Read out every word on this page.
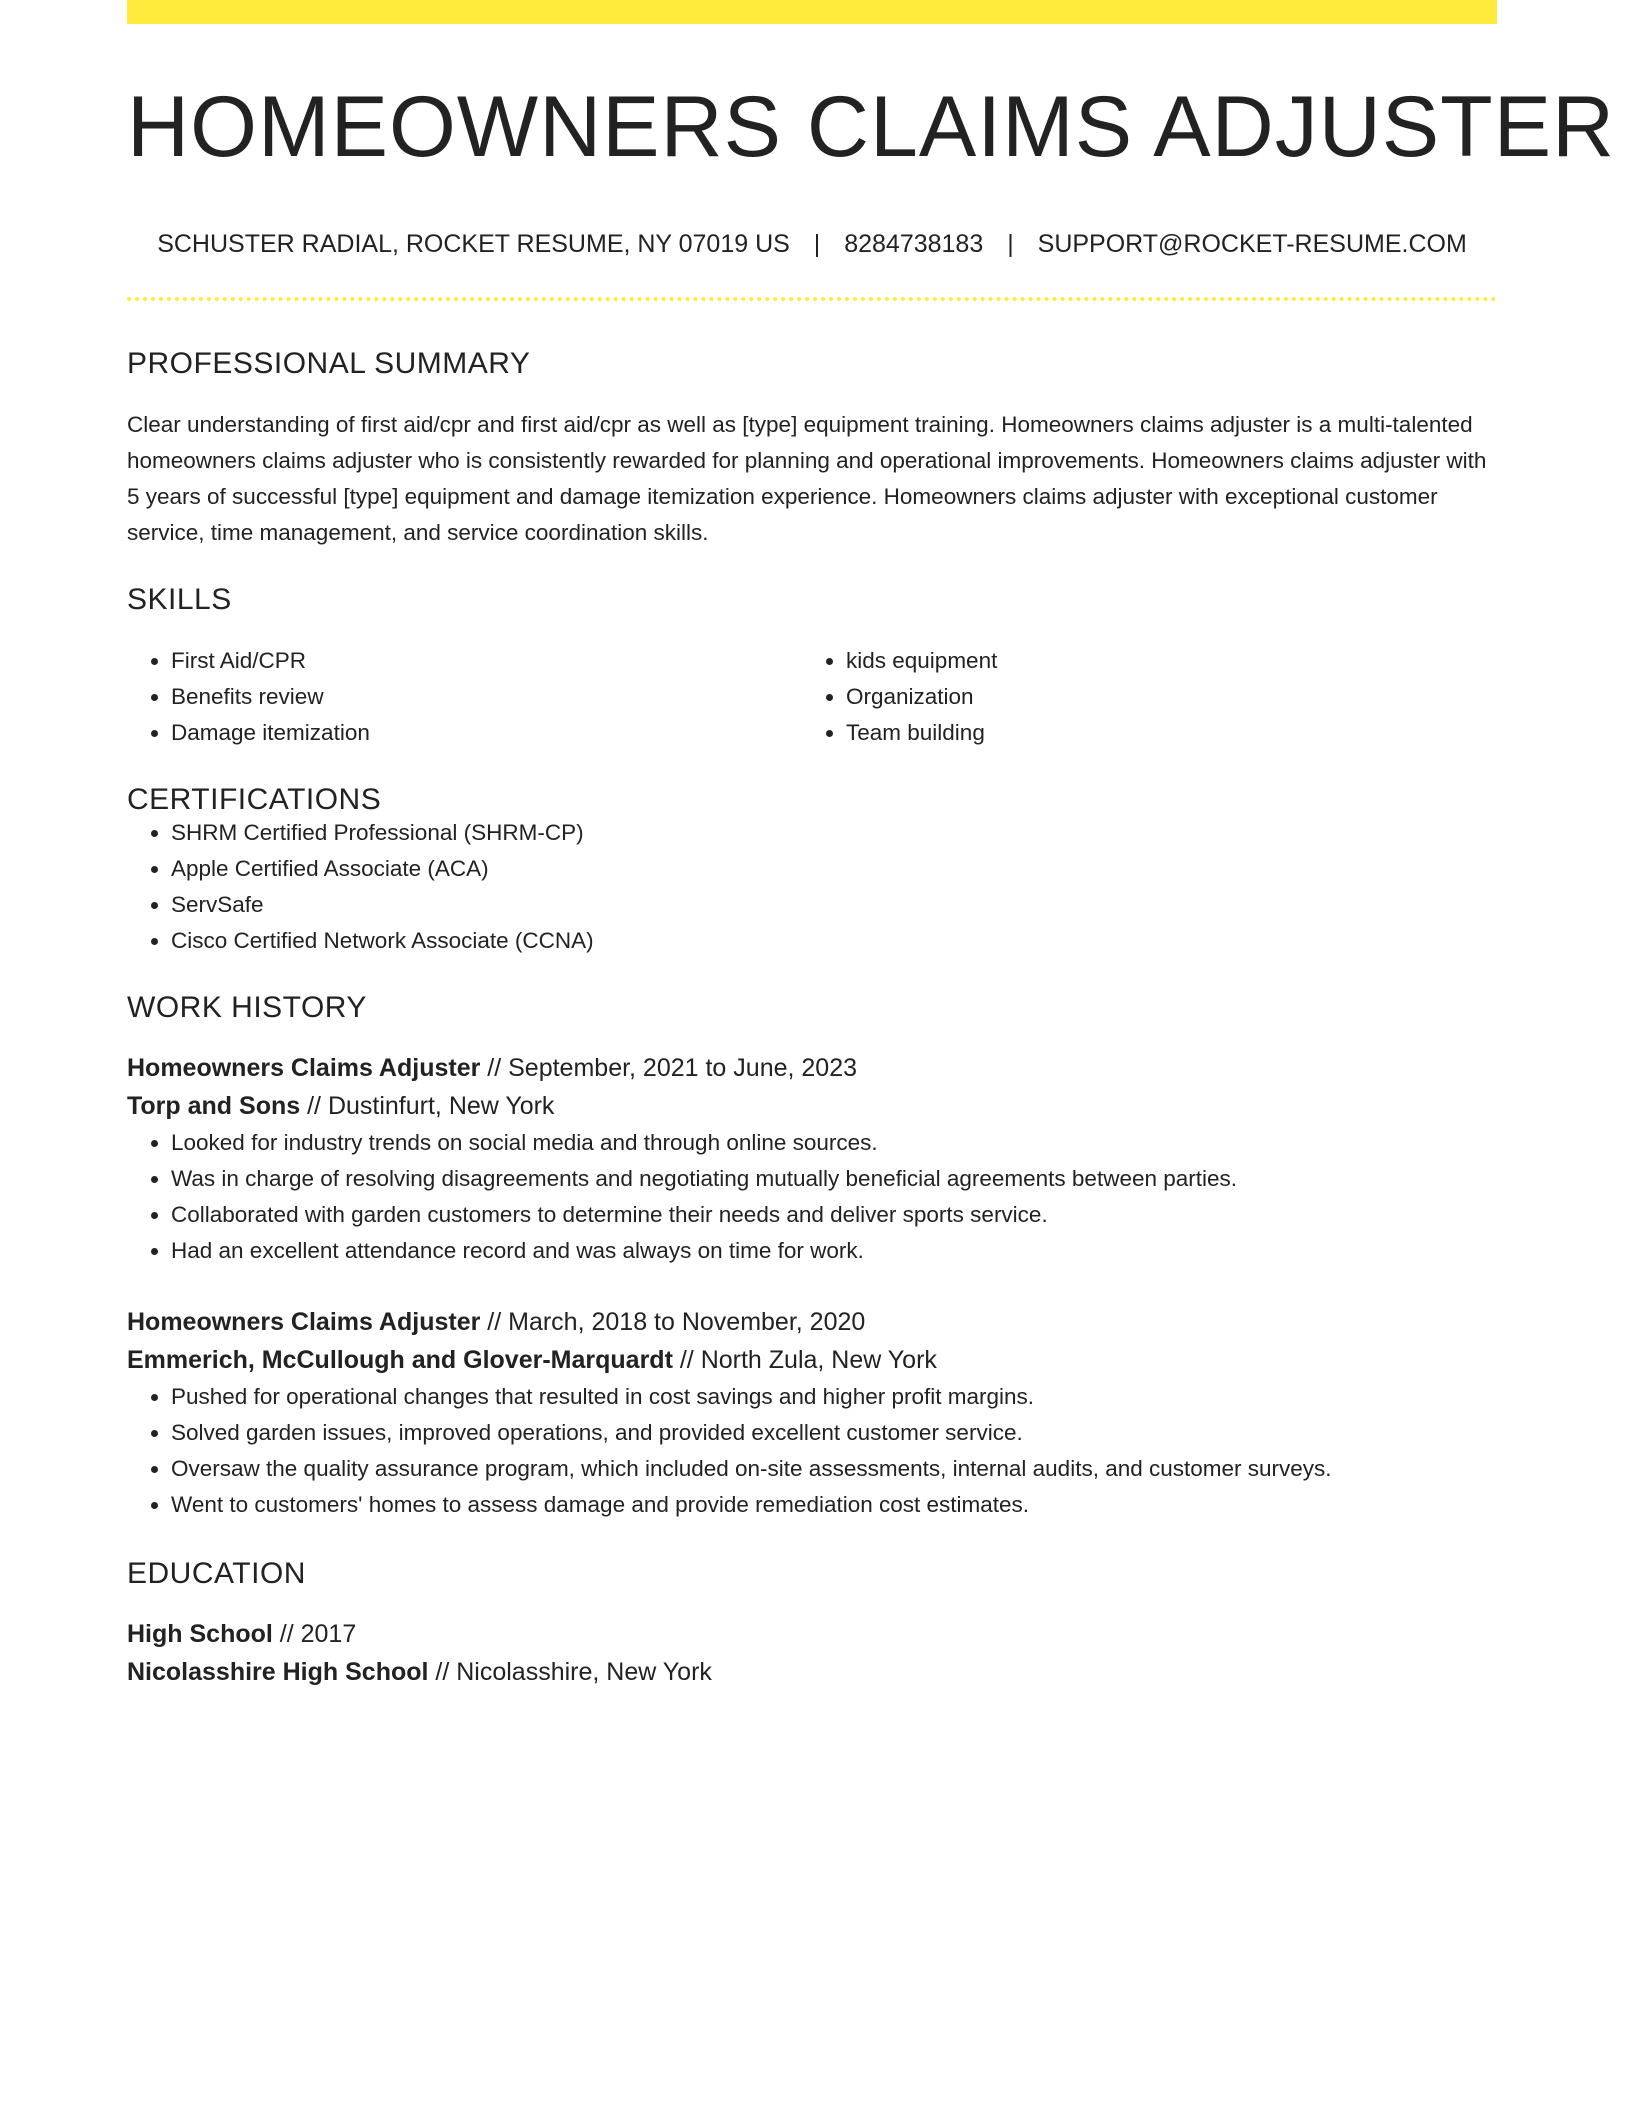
HOMEOWNERS CLAIMS ADJUSTER
SCHUSTER RADIAL, ROCKET RESUME, NY 07019 US | 8284738183 | SUPPORT@ROCKET-RESUME.COM
PROFESSIONAL SUMMARY
Clear understanding of first aid/cpr and first aid/cpr as well as [type] equipment training. Homeowners claims adjuster is a multi-talented homeowners claims adjuster who is consistently rewarded for planning and operational improvements. Homeowners claims adjuster with 5 years of successful [type] equipment and damage itemization experience. Homeowners claims adjuster with exceptional customer service, time management, and service coordination skills.
SKILLS
• First Aid/CPR
• Benefits review
• Damage itemization
• kids equipment
• Organization
• Team building
CERTIFICATIONS
• SHRM Certified Professional (SHRM-CP)
• Apple Certified Associate (ACA)
• ServSafe
• Cisco Certified Network Associate (CCNA)
WORK HISTORY
Homeowners Claims Adjuster // September, 2021 to June, 2023
Torp and Sons // Dustinfurt, New York
• Looked for industry trends on social media and through online sources.
• Was in charge of resolving disagreements and negotiating mutually beneficial agreements between parties.
• Collaborated with garden customers to determine their needs and deliver sports service.
• Had an excellent attendance record and was always on time for work.
Homeowners Claims Adjuster // March, 2018 to November, 2020
Emmerich, McCullough and Glover-Marquardt // North Zula, New York
• Pushed for operational changes that resulted in cost savings and higher profit margins.
• Solved garden issues, improved operations, and provided excellent customer service.
• Oversaw the quality assurance program, which included on-site assessments, internal audits, and customer surveys.
• Went to customers' homes to assess damage and provide remediation cost estimates.
EDUCATION
High School // 2017
Nicolasshire High School // Nicolasshire, New York
